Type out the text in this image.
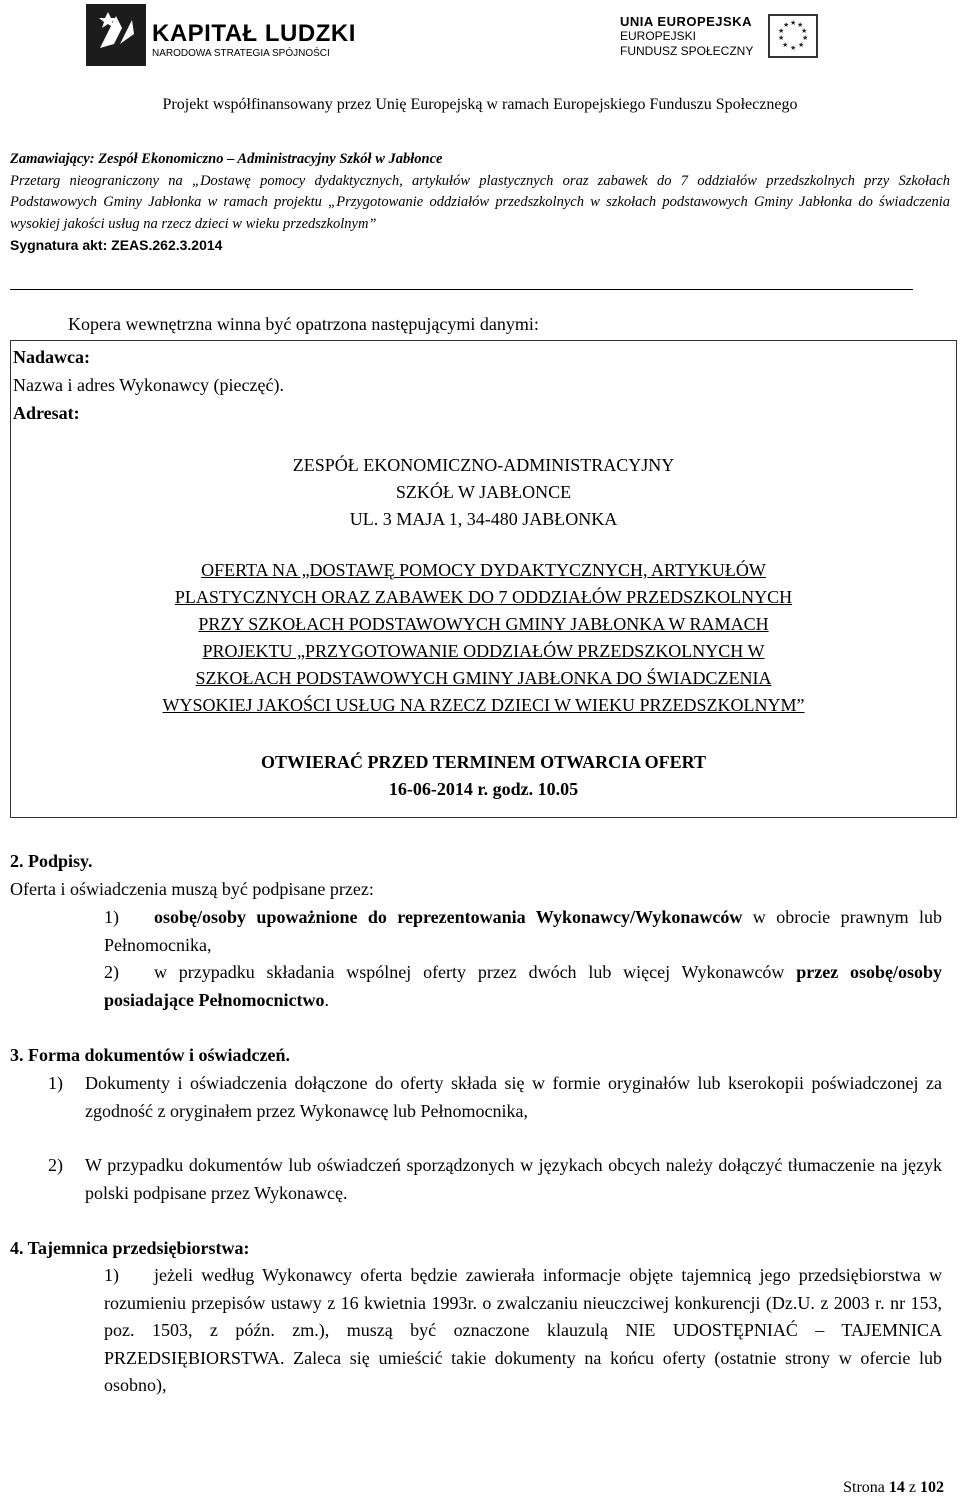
KAPITAŁ LUDZKI
NARODOWA STRATEGIA SPÓJNOŚCI
UNIA EUROPEJSKA
EUROPEJSKI
FUNDUSZ SPOŁECZNY
★ ★
★
★
★
★
★
★
★
★
Projekt współfinansowany przez Unię Europejską w ramach Europejskiego Funduszu Społecznego
Zamawiający: Zespół Ekonomiczno – Administracyjny Szkół w Jabłonce
Przetarg nieograniczony na „Dostawę pomocy dydaktycznych, artykułów plastycznych oraz zabawek do 7 oddziałów przedszkolnych przy Szkołach Podstawowych Gminy Jabłonka w ramach projektu „Przygotowanie oddziałów przedszkolnych w szkołach podstawowych Gminy Jabłonka do świadczenia wysokiej jakości usług na rzecz dzieci w wieku przedszkolnym”
Sygnatura akt: ZEAS.262.3.2014
Kopera wewnętrzna winna być opatrzona następującymi danymi:
Nadawca:
Nazwa i adres Wykonawcy (pieczęć).
Adresat:
ZESPÓŁ EKONOMICZNO-ADMINISTRACYJNY
SZKÓŁ W JABŁONCE
UL. 3 MAJA 1, 34-480 JABŁONKA
OFERTA NA „DOSTAWĘ POMOCY DYDAKTYCZNYCH, ARTYKUŁÓW
PLASTYCZNYCH ORAZ ZABAWEK DO 7 ODDZIAŁÓW PRZEDSZKOLNYCH
PRZY SZKOŁACH PODSTAWOWYCH GMINY JABŁONKA W RAMACH
PROJEKTU „PRZYGOTOWANIE ODDZIAŁÓW PRZEDSZKOLNYCH W
SZKOŁACH PODSTAWOWYCH GMINY JABŁONKA DO ŚWIADCZENIA
WYSOKIEJ JAKOŚCI USŁUG NA RZECZ DZIECI W WIEKU PRZEDSZKOLNYM”
OTWIERAĆ PRZED TERMINEM OTWARCIA OFERT
16-06-2014 r. godz. 10.05
2. Podpisy.
Oferta i oświadczenia muszą być podpisane przez:
1)	osobę/osoby upoważnione do reprezentowania Wykonawcy/Wykonawców w obrocie prawnym lub Pełnomocnika,
2)	w przypadku składania wspólnej oferty przez dwóch lub więcej Wykonawców przez osobę/osoby posiadające Pełnomocnictwo.
3. Forma dokumentów i oświadczeń.
1)	Dokumenty i oświadczenia dołączone do oferty składa się w formie oryginałów lub kserokopii poświadczonej za zgodność z oryginałem przez Wykonawcę lub Pełnomocnika,
2)	W przypadku dokumentów lub oświadczeń sporządzonych w językach obcych należy dołączyć tłumaczenie na język polski podpisane przez Wykonawcę.
4. Tajemnica przedsiębiorstwa:
1)	jeżeli według Wykonawcy oferta będzie zawierała informacje objęte tajemnicą jego przedsiębiorstwa w rozumieniu przepisów ustawy z 16 kwietnia 1993r. o zwalczaniu nieuczciwej konkurencji (Dz.U. z 2003 r. nr 153, poz. 1503, z późn. zm.), muszą być oznaczone klauzulą NIE UDOSTĘPNIAĆ – TAJEMNICA PRZEDSIĘBIORSTWA. Zaleca się umieścić takie dokumenty na końcu oferty (ostatnie strony w ofercie lub osobno),
Strona 14 z 102
